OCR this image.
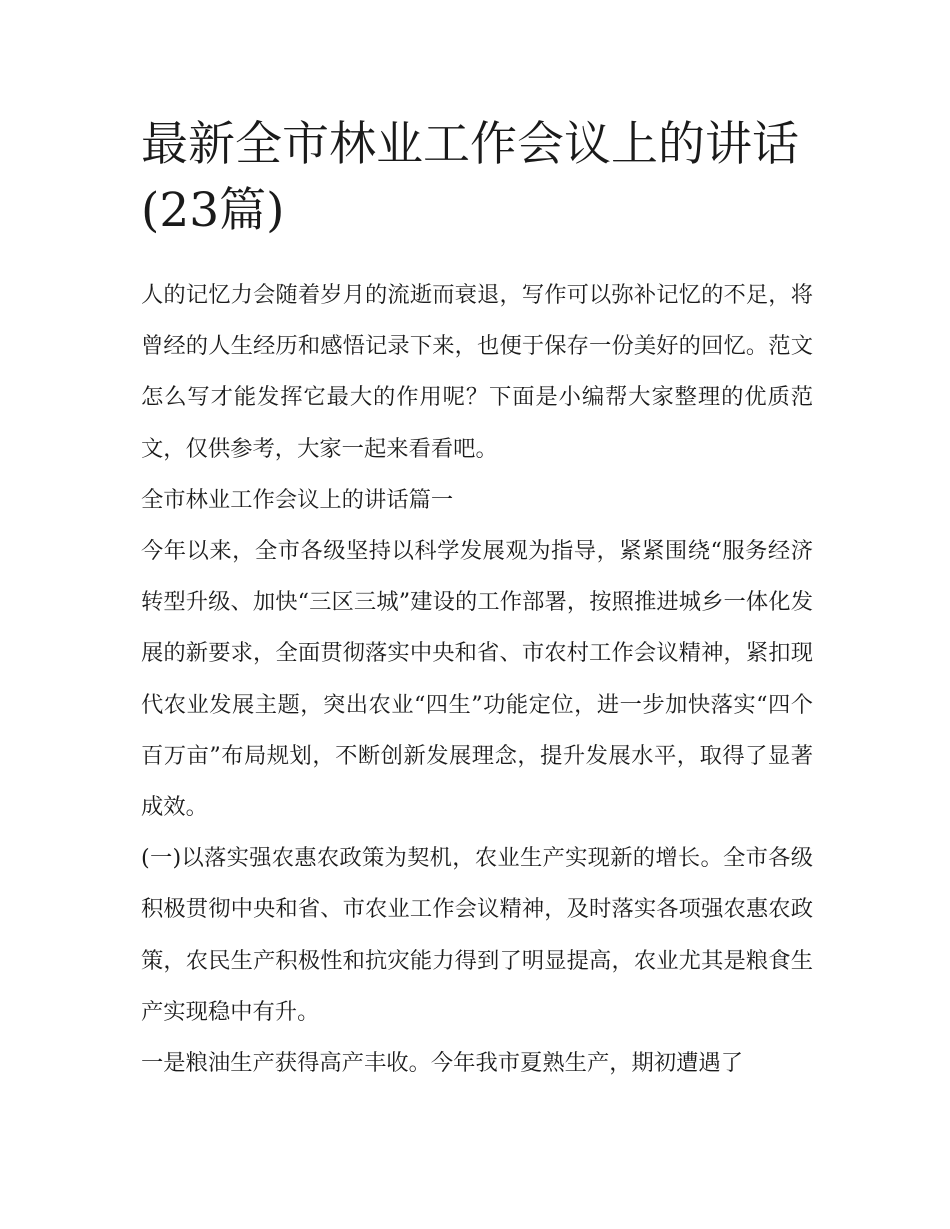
最新全市林业工作会议上的讲话(23篇)

人的记忆力会随着岁月的流逝而衰退，写作可以弥补记忆的不足，将曾经的人生经历和感悟记录下来，也便于保存一份美好的回忆。范文怎么写才能发挥它最大的作用呢？下面是小编帮大家整理的优质范文，仅供参考，大家一起来看看吧。

全市林业工作会议上的讲话篇一

今年以来，全市各级坚持以科学发展观为指导，紧紧围绕“服务经济转型升级、加快“三区三城”建设的工作部署，按照推进城乡一体化发展的新要求，全面贯彻落实中央和省、市农村工作会议精神，紧扣现代农业发展主题，突出农业“四生”功能定位，进一步加快落实“四个百万亩”布局规划，不断创新发展理念，提升发展水平，取得了显著成效。

(一)以落实强农惠农政策为契机，农业生产实现新的增长。全市各级积极贯彻中央和省、市农业工作会议精神，及时落实各项强农惠农政策，农民生产积极性和抗灾能力得到了明显提高，农业尤其是粮食生产实现稳中有升。

一是粮油生产获得高产丰收。今年我市夏熟生产，期初遭遇了
